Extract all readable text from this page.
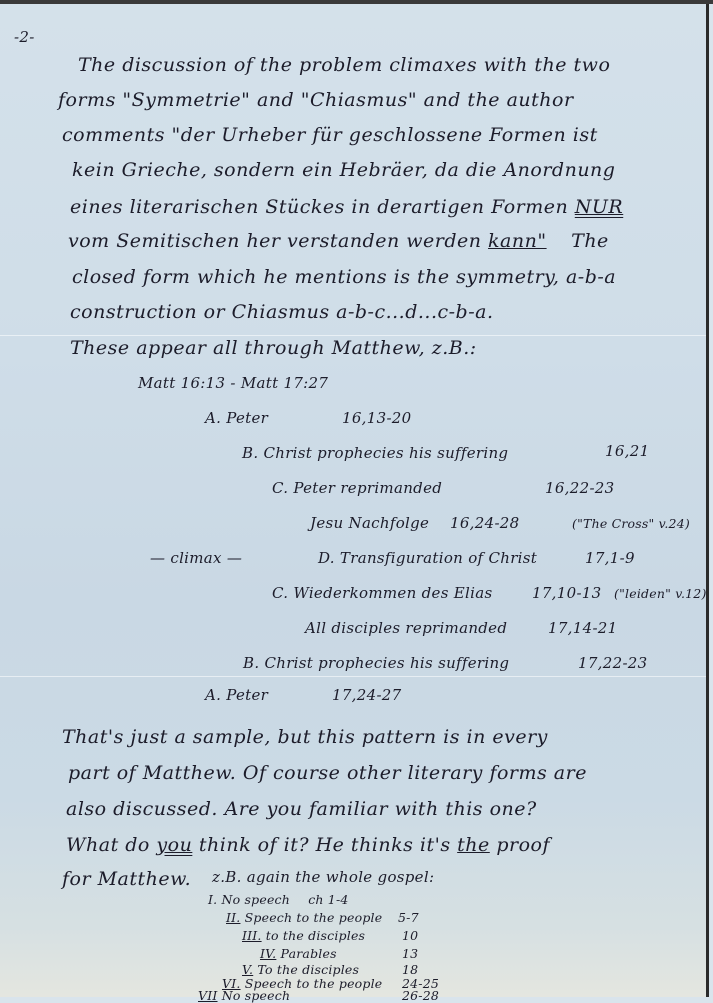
-2-
The discussion of the problem climaxes with the two
forms "Symmetrie" and "Chiasmus" and the author
comments "der Urheber für geschlossene Formen ist
kein Grieche, sondern ein Hebräer, da die Anordnung
eines literarischen Stückes in derartigen Formen NUR
vom Semitischen her verstanden werden kann" The
closed form which he mentions is the symmetry, a-b-a
construction or Chiasmus a-b-c...d...c-b-a.
These appear all through Matthew, z.B.:
Matt 16:13 - Matt 17:27
A. Peter	16,13-20
B. Christ prophecies his suffering	16,21
C. Peter reprimanded	16,22-23
Jesu Nachfolge 16,24-28	("The Cross" v.24)
— climax —	D. Transfiguration of Christ	17,1-9
C. Wiederkommen des Elias	17,10-13 ("leiden" v.12)
All disciples reprimanded	17,14-21
B. Christ prophecies his suffering	17,22-23
A. Peter	17,24-27
That's just a sample, but this pattern is in every
part of Matthew. Of course other literary forms are
also discussed. Are you familiar with this one?
What do you think of it? He thinks it's the proof
for Matthew. z.B. again the whole gospel:
I. No speech ch 1-4
II. Speech to the people 5-7
III. to the disciples	10
IV. Parables	13
V. To the disciples	18
VI. Speech to the people 24-25
VII No speech	26-28
